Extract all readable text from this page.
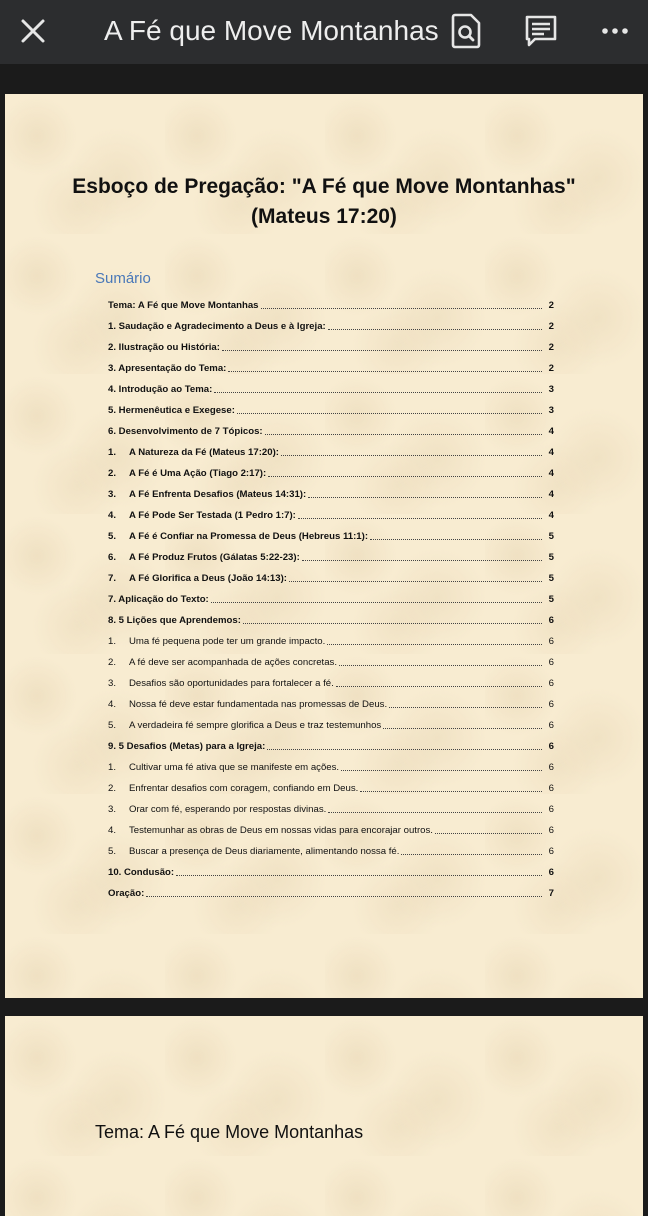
A Fé que Move Montanhas
Esboço de Pregação: "A Fé que Move Montanhas" (Mateus 17:20)
Sumário
Tema: A Fé que Move Montanhas	2
1. Saudação e Agradecimento a Deus e à Igreja:	2
2. Ilustração ou História:	2
3. Apresentação do Tema:	2
4. Introdução ao Tema:	3
5. Hermenêutica e Exegese:	3
6. Desenvolvimento de 7 Tópicos:	4
1.	A Natureza da Fé (Mateus 17:20):	4
2.	A Fé é Uma Ação (Tiago 2:17):	4
3.	A Fé Enfrenta Desafios (Mateus 14:31):	4
4.	A Fé Pode Ser Testada (1 Pedro 1:7):	4
5.	A Fé é Confiar na Promessa de Deus (Hebreus 11:1):	5
6.	A Fé Produz Frutos (Gálatas 5:22-23):	5
7.	A Fé Glorifica a Deus (João 14:13):	5
7. Aplicação do Texto:	5
8. 5 Lições que Aprendemos:	6
1.	Uma fé pequena pode ter um grande impacto.	6
2.	A fé deve ser acompanhada de ações concretas.	6
3.	Desafios são oportunidades para fortalecer a fé.	6
4.	Nossa fé deve estar fundamentada nas promessas de Deus.	6
5.	A verdadeira fé sempre glorifica a Deus e traz testemunhos	6
9. 5 Desafios (Metas) para a Igreja:	6
1.	Cultivar uma fé ativa que se manifeste em ações.	6
2.	Enfrentar desafios com coragem, confiando em Deus.	6
3.	Orar com fé, esperando por respostas divinas.	6
4.	Testemunhar as obras de Deus em nossas vidas para encorajar outros.	6
5.	Buscar a presença de Deus diariamente, alimentando nossa fé.	6
10. Condusão:	6
Oração:	7
Tema: A Fé que Move Montanhas
